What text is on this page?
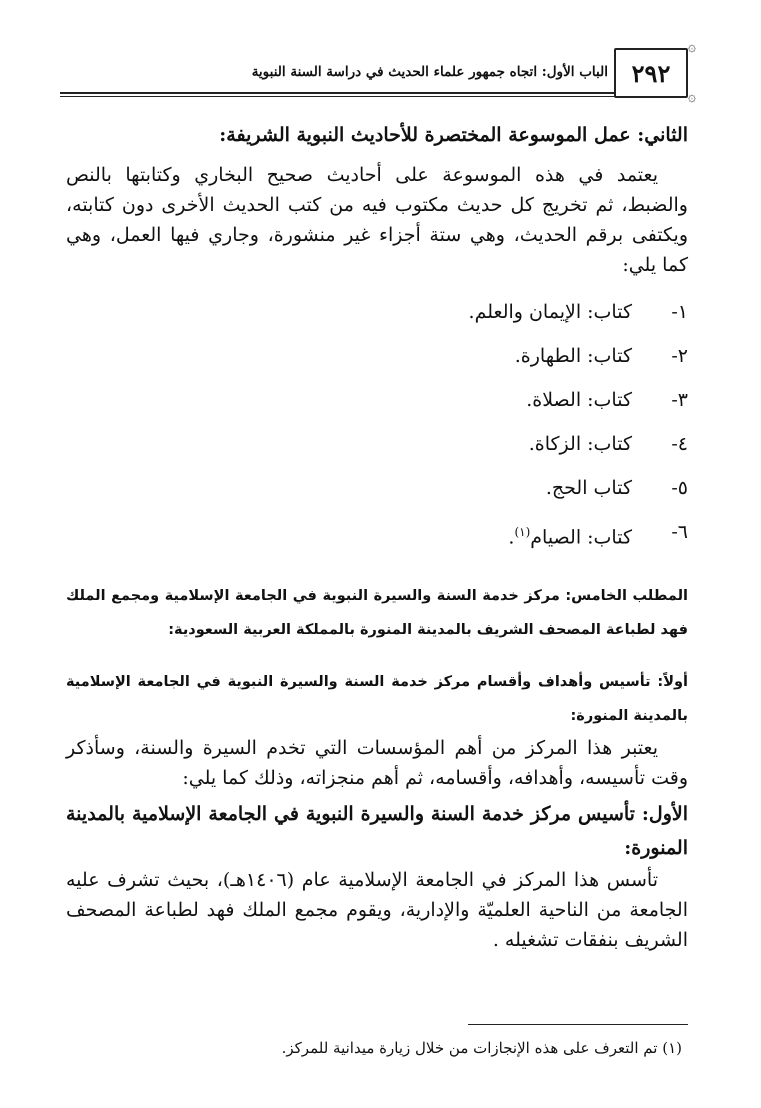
الباب الأول: اتجاه جمهور علماء الحديث في دراسة السنة النبوية ٢٩٢
۞
۞

الثاني: عمل الموسوعة المختصرة للأحاديث النبوية الشريفة:

يعتمد في هذه الموسوعة على أحاديث صحيح البخاري وكتابتها بالنص والضبط، ثم تخريج كل حديث مكتوب فيه من كتب الحديث الأخرى دون كتابته، ويكتفى برقم الحديث، وهي ستة أجزاء غير منشورة، وجاري فيها العمل، وهي كما يلي:

١-
كتاب: الإيمان والعلم.
٢-
كتاب: الطهارة.
٣-
كتاب: الصلاة.
٤-
كتاب: الزكاة.
٥-
كتاب الحج.
٦-
كتاب: الصيام$^{(١)}$.

المطلب الخامس: مركز خدمة السنة والسيرة النبوية في الجامعة الإسلامية ومجمع الملك فهد لطباعة المصحف الشريف بالمدينة المنورة بالمملكة العربية السعودية:

أولاً: تأسيس وأهداف وأقسام مركز خدمة السنة والسيرة النبوية في الجامعة الإسلامية بالمدينة المنورة:

يعتبر هذا المركز من أهم المؤسسات التي تخدم السيرة والسنة، وسأذكر وقت تأسيسه، وأهدافه، وأقسامه، ثم أهم منجزاته، وذلك كما يلي:

الأول: تأسيس مركز خدمة السنة والسيرة النبوية في الجامعة الإسلامية بالمدينة المنورة:

تأسس هذا المركز في الجامعة الإسلامية عام (١٤٠٦هـ)، بحيث تشرف عليه الجامعة من الناحية العلميّة والإدارية، ويقوم مجمع الملك فهد لطباعة المصحف الشريف بنفقات تشغيله .

(١) تم التعرف على هذه الإنجازات من خلال زيارة ميدانية للمركز.
